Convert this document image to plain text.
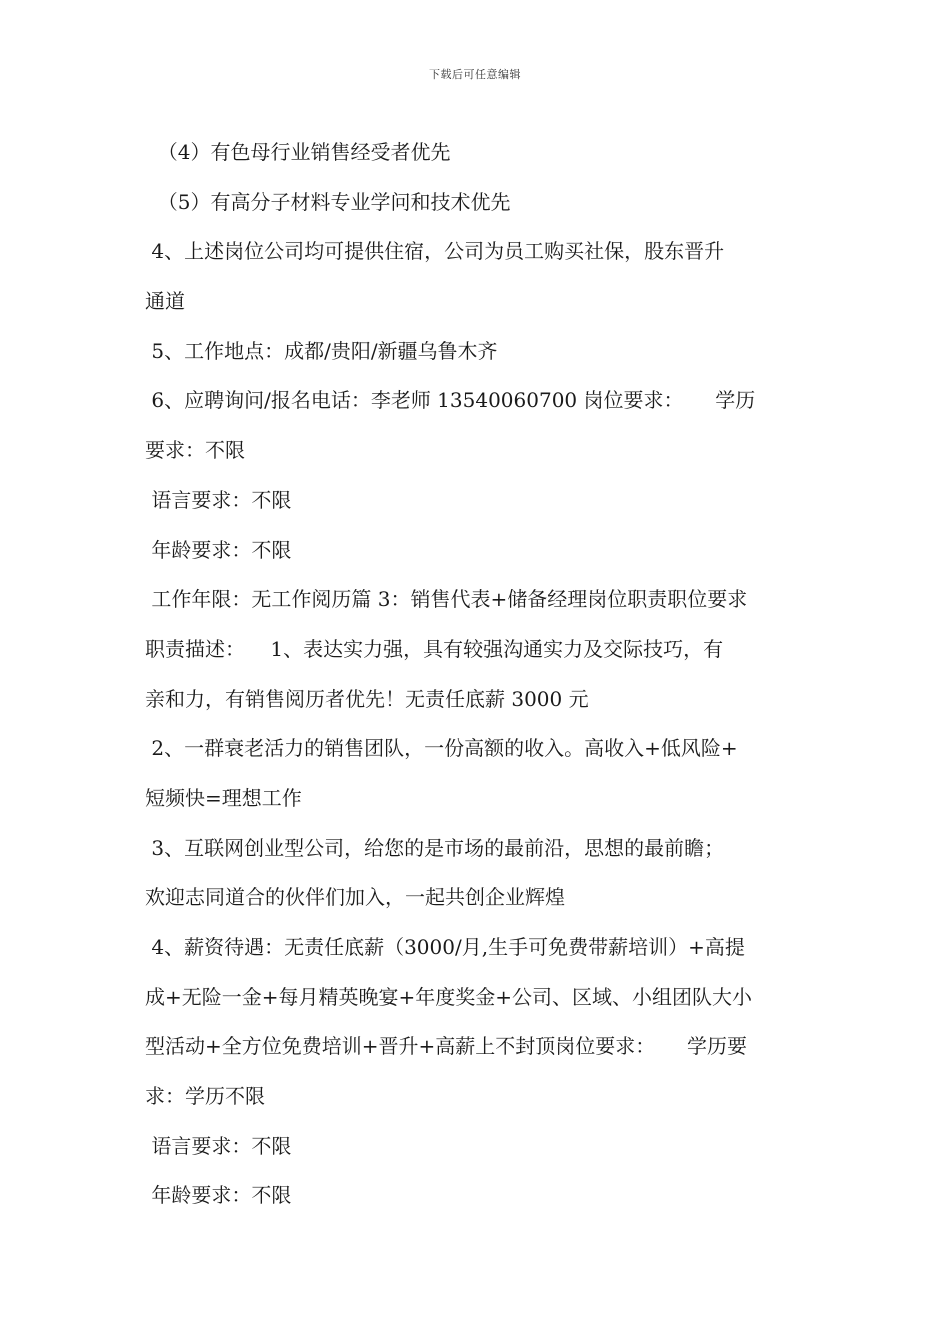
下载后可任意编辑
（4）有色母行业销售经受者优先
（5）有高分子材料专业学问和技术优先
4、上述岗位公司均可提供住宿，公司为员工购买社保，股东晋升
通道
5、工作地点：成都/贵阳/新疆乌鲁木齐
6、应聘询问/报名电话：李老师 13540060700 岗位要求：     学历
要求：不限
语言要求：不限
年龄要求：不限
工作年限：无工作阅历篇 3：销售代表+储备经理岗位职责职位要求
职责描述：    1、表达实力强，具有较强沟通实力及交际技巧，有
亲和力，有销售阅历者优先！无责任底薪 3000 元
2、一群衰老活力的销售团队，一份高额的收入。高收入+低风险+
短频快=理想工作
3、互联网创业型公司，给您的是市场的最前沿，思想的最前瞻；
欢迎志同道合的伙伴们加入，一起共创企业辉煌
4、薪资待遇：无责任底薪（3000/月,生手可免费带薪培训）+高提
成+无险一金+每月精英晚宴+年度奖金+公司、区域、小组团队大小
型活动+全方位免费培训+晋升+高薪上不封顶岗位要求：     学历要
求：学历不限
语言要求：不限
年龄要求：不限
